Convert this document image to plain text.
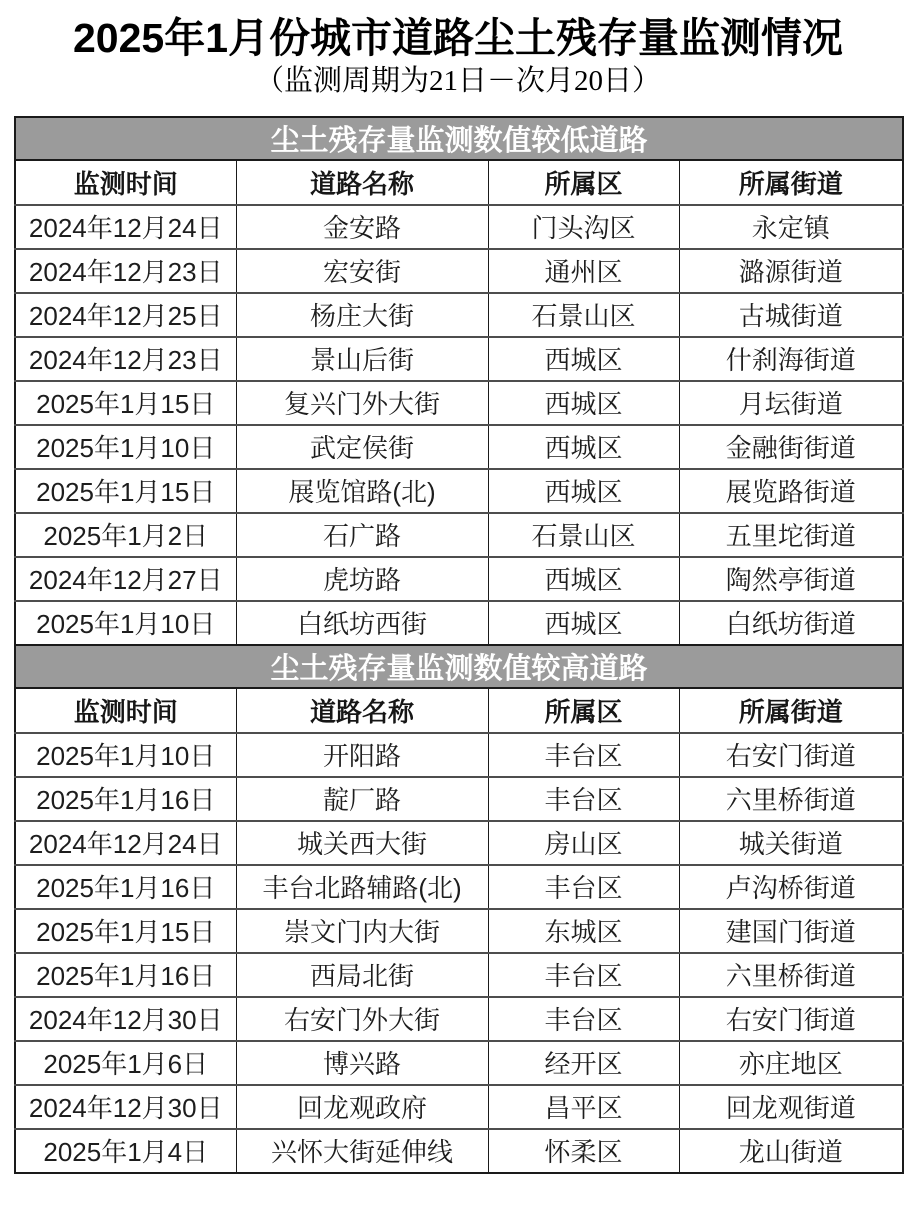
2025年1月份城市道路尘土残存量监测情况
（监测周期为21日－次月20日）
尘土残存量监测数值较低道路			
监测时间	道路名称	所属区	所属街道
2024年12月24日	金安路	门头沟区	永定镇
2024年12月23日	宏安街	通州区	潞源街道
2024年12月25日	杨庄大街	石景山区	古城街道
2024年12月23日	景山后街	西城区	什刹海街道
2025年1月15日	复兴门外大街	西城区	月坛街道
2025年1月10日	武定侯街	西城区	金融街街道
2025年1月15日	展览馆路(北)	西城区	展览路街道
2025年1月2日	石广路	石景山区	五里坨街道
2024年12月27日	虎坊路	西城区	陶然亭街道
2025年1月10日	白纸坊西街	西城区	白纸坊街道
尘土残存量监测数值较高道路			
监测时间	道路名称	所属区	所属街道
2025年1月10日	开阳路	丰台区	右安门街道
2025年1月16日	靛厂路	丰台区	六里桥街道
2024年12月24日	城关西大街	房山区	城关街道
2025年1月16日	丰台北路辅路(北)	丰台区	卢沟桥街道
2025年1月15日	崇文门内大街	东城区	建国门街道
2025年1月16日	西局北街	丰台区	六里桥街道
2024年12月30日	右安门外大街	丰台区	右安门街道
2025年1月6日	博兴路	经开区	亦庄地区
2024年12月30日	回龙观政府	昌平区	回龙观街道
2025年1月4日	兴怀大街延伸线	怀柔区	龙山街道
